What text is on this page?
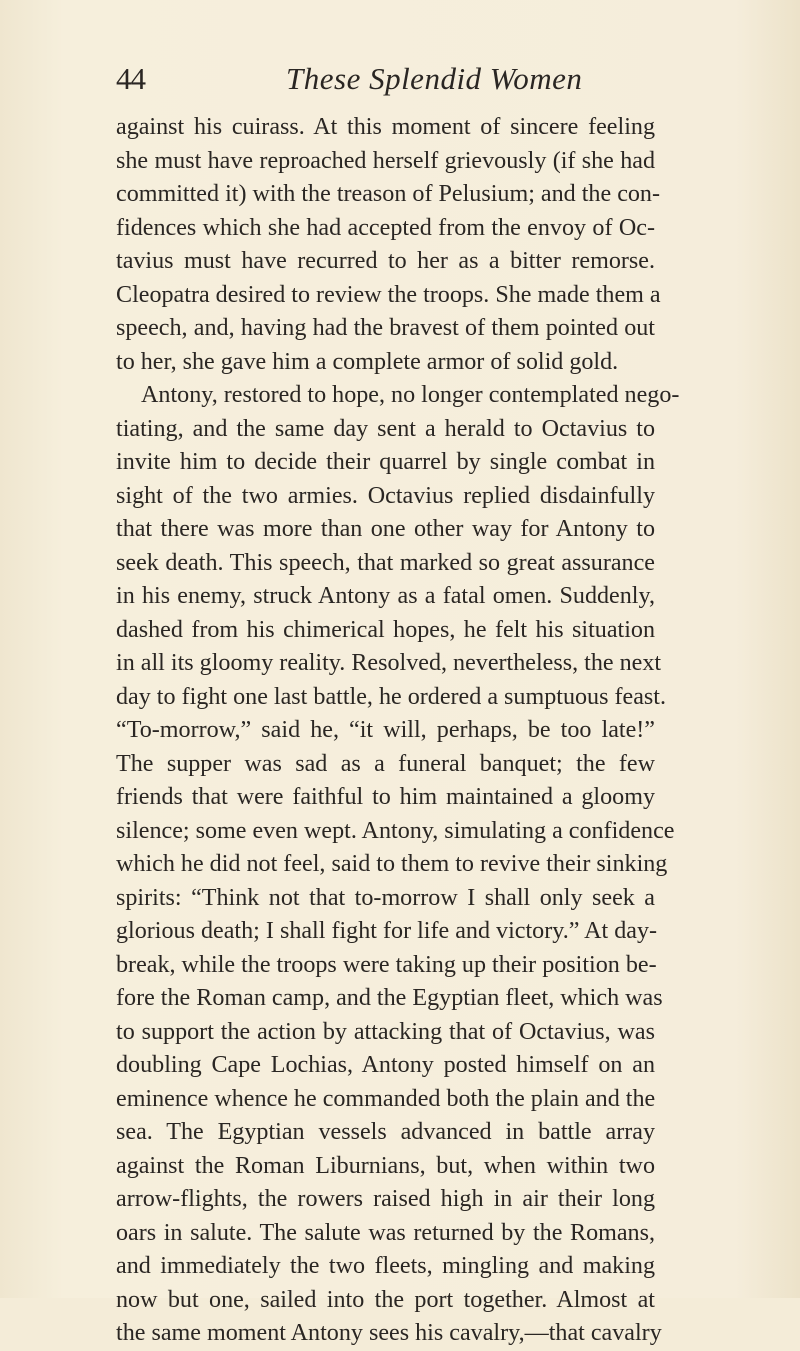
44	These Splendid Women
against his cuirass. At this moment of sincere feeling
she must have reproached herself grievously (if she had
committed it) with the treason of Pelusium; and the con-
fidences which she had accepted from the envoy of Oc-
tavius must have recurred to her as a bitter remorse.
Cleopatra desired to review the troops. She made them a
speech, and, having had the bravest of them pointed out
to her, she gave him a complete armor of solid gold.
Antony, restored to hope, no longer contemplated nego-
tiating, and the same day sent a herald to Octavius to
invite him to decide their quarrel by single combat in
sight of the two armies. Octavius replied disdainfully
that there was more than one other way for Antony to
seek death. This speech, that marked so great assurance
in his enemy, struck Antony as a fatal omen. Suddenly,
dashed from his chimerical hopes, he felt his situation
in all its gloomy reality. Resolved, nevertheless, the next
day to fight one last battle, he ordered a sumptuous feast.
“To-morrow,” said he, “it will, perhaps, be too late!”
The supper was sad as a funeral banquet; the few
friends that were faithful to him maintained a gloomy
silence; some even wept. Antony, simulating a confidence
which he did not feel, said to them to revive their sinking
spirits: “Think not that to-morrow I shall only seek a
glorious death; I shall fight for life and victory.” At day-
break, while the troops were taking up their position be-
fore the Roman camp, and the Egyptian fleet, which was
to support the action by attacking that of Octavius, was
doubling Cape Lochias, Antony posted himself on an
eminence whence he commanded both the plain and the
sea. The Egyptian vessels advanced in battle array
against the Roman Liburnians, but, when within two
arrow-flights, the rowers raised high in air their long
oars in salute. The salute was returned by the Romans,
and immediately the two fleets, mingling and making
now but one, sailed into the port together. Almost at
the same moment Antony sees his cavalry,—that cavalry
